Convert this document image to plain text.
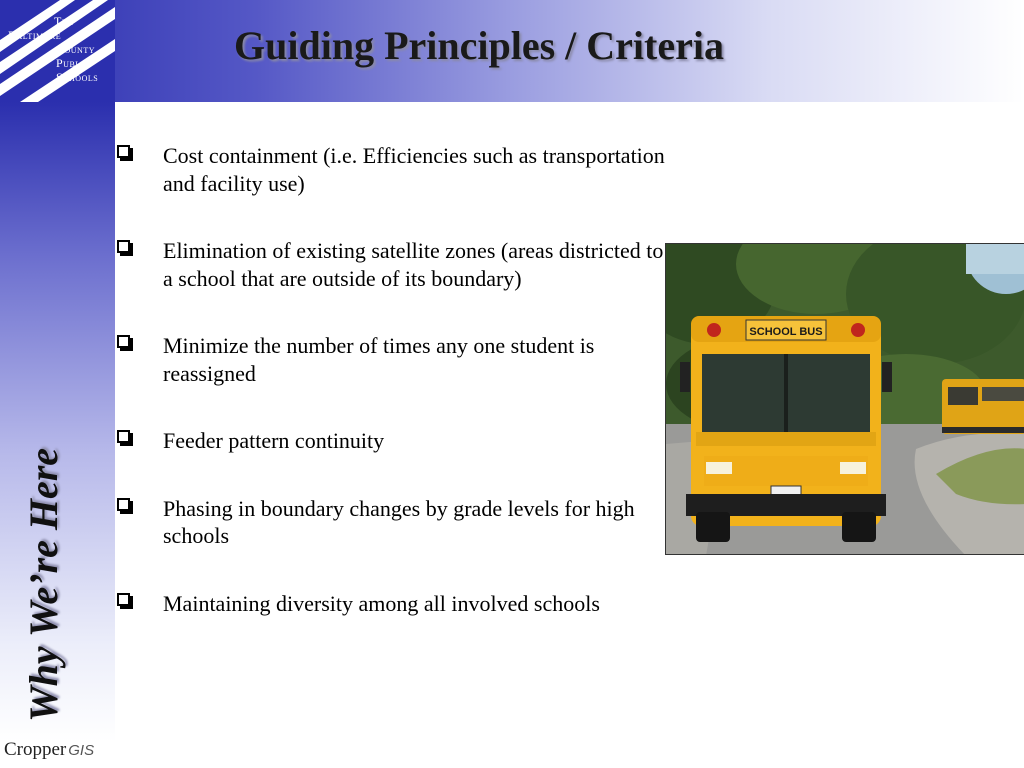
The
Baltimore
County
Public
Schools
Guiding Principles / Criteria

Why We’re Here

Cost containment (i.e. Efficiencies such as transportation and facility use)
Elimination of existing satellite zones (areas districted to a school that are outside of its boundary)
Minimize the number of times any one student is reassigned
Feeder pattern continuity
Phasing in boundary changes by grade levels for high schools
Maintaining diversity among all involved schools
SCHOOL BUS
Cropper GIS
